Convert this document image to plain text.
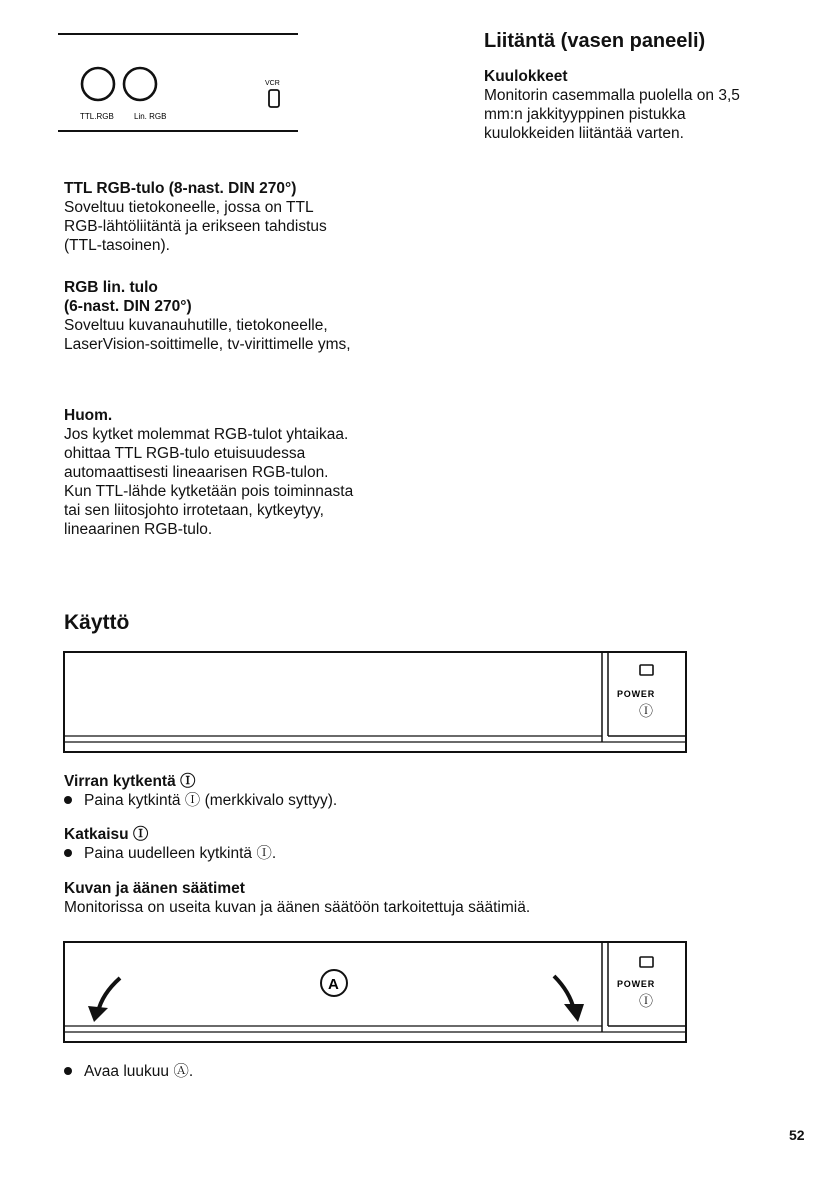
TTL.RGB	Lin. RGB
VCR
Liitäntä (vasen paneeli)

Kuulokkeet

Monitorin casemmalla puolella on 3,5

mm:n jakkityyppinen pistukka

kuulokkeiden liitäntää varten.

TTL RGB-tulo (8-nast. DIN 270°)

Soveltuu tietokoneelle, jossa on TTL

RGB-lähtöliitäntä ja erikseen tahdistus

(TTL-tasoinen).

RGB lin. tulo

(6-nast. DIN 270°)

Soveltuu kuvanauhutille, tietokoneelle,

LaserVision-soittimelle, tv-virittimelle yms,

Huom.

Jos kytket molemmat RGB-tulot yhtaikaa.

ohittaa TTL RGB-tulo etuisuudessa

automaattisesti lineaarisen RGB-tulon.

Kun TTL-lähde kytketään pois toiminnasta

tai sen liitosjohto irrotetaan, kytkeytyy,

lineaarinen RGB-tulo.

Käyttö
POWER
Ⓘ

Virran kytkentä Ⓘ

Paina kytkintä Ⓘ (merkkivalo syttyy).

Katkaisu Ⓘ

Paina uudelleen kytkintä Ⓘ.

Kuvan ja äänen säätimet

Monitorissa on useita kuvan ja äänen säätöön tarkoitettuja säätimiä.

A	POWER
Ⓘ

Avaa luukuu Ⓐ.

52
